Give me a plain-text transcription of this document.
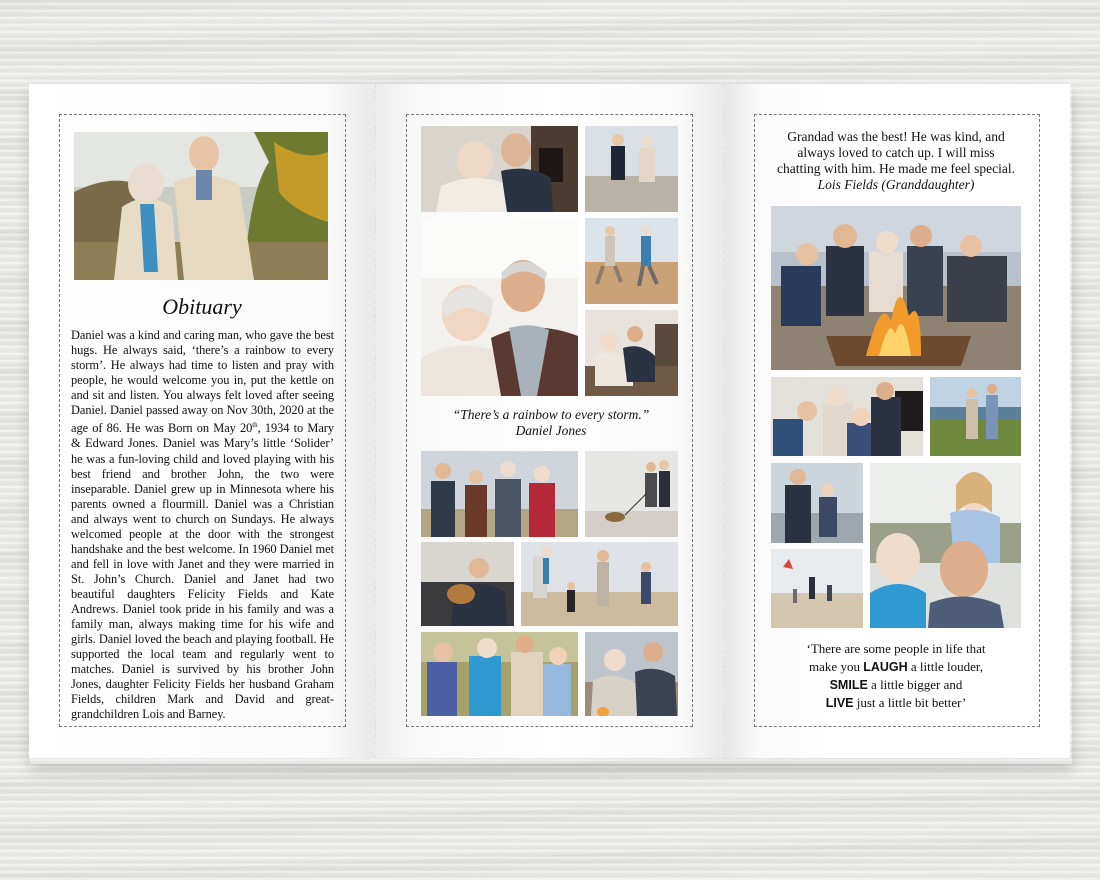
Obituary
Daniel was a kind and caring man, who gave the best hugs. He always said, ‘there’s a rainbow to every storm’. He always had time to listen and pray with people, he would welcome you in, put the kettle on and sit and listen. You always felt loved after seeing Daniel. Daniel passed away on Nov 30th, 2020 at the age of 86. He was Born on May 20th, 1934 to Mary & Edward Jones. Daniel was Mary’s little ‘Solider’ he was a fun-loving child and loved playing with his best friend and brother John, the two were inseparable. Daniel grew up in Minnesota where his parents owned a flourmill. Daniel was a Christian and always went to church on Sundays. He always welcomed people at the door with the strongest handshake and the best welcome. In 1960 Daniel met and fell in love with Janet and they were married in St. John’s Church. Daniel and Janet had two beautiful daughters Felicity Fields and Kate Andrews. Daniel took pride in his family and was a family man, always making time for his wife and girls. Daniel loved the beach and playing football. He supported the local team and regularly went to matches. Daniel is survived by his brother John Jones, daughter Felicity Fields her husband Graham Fields, children Mark and David and great-grandchildren Lois and Barney.
“There’s a rainbow to every storm.”
Daniel Jones
Grandad was the best! He was kind, and
always loved to catch up. I will miss
chatting with him. He made me feel special.
Lois Fields (Granddaughter)
‘There are some people in life that
make you LAUGH a little louder,
SMILE a little bigger and
LIVE just a little bit better’
